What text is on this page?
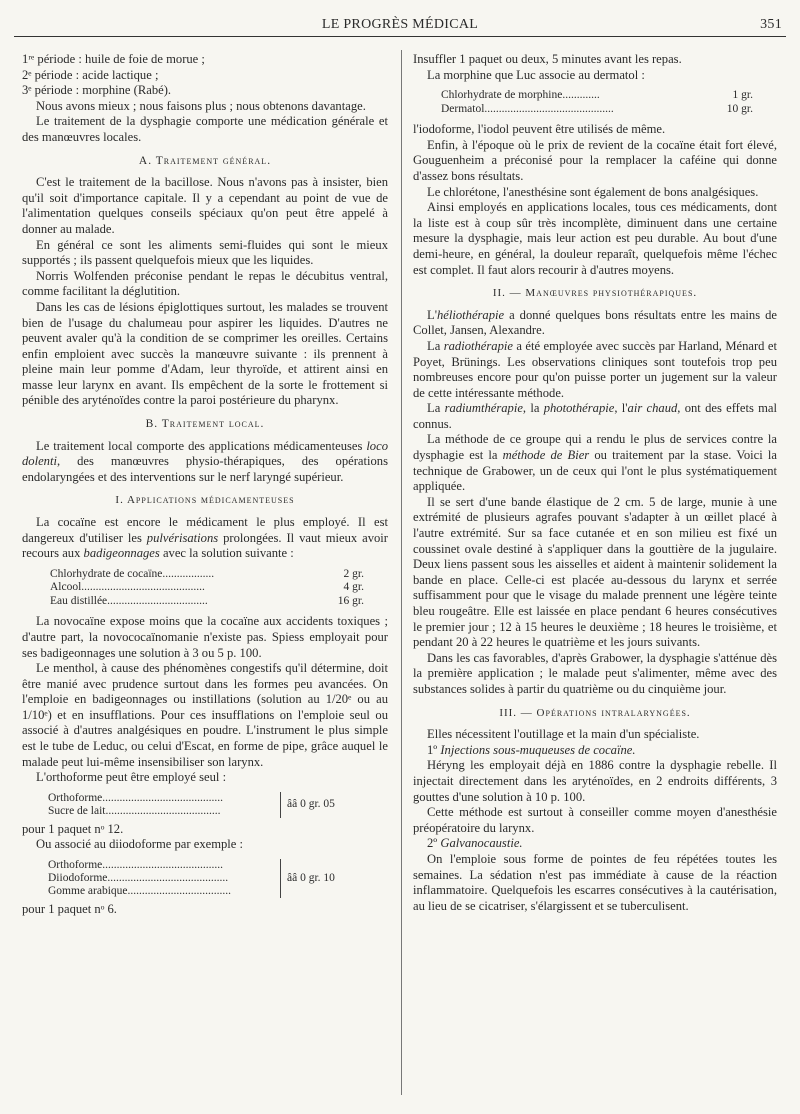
LE PROGRÈS MÉDICAL	351

1ʳᵉ période : huile de foie de morue ;

2ᵉ période : acide lactique ;

3ᵉ période : morphine (Rabé).

Nous avons mieux ; nous faisons plus ; nous obtenons davantage.

Le traitement de la dysphagie comporte une médication générale et des manœuvres locales.

A. Traitement général.

C'est le traitement de la bacillose. Nous n'avons pas à insister, bien qu'il soit d'importance capitale. Il y a cependant au point de vue de l'alimentation quelques conseils spéciaux qu'on peut être appelé à donner au malade.

En général ce sont les aliments semi-fluides qui sont le mieux supportés ; ils passent quelquefois mieux que les liquides.

Norris Wolfenden préconise pendant le repas le décubitus ventral, comme facilitant la déglutition.

Dans les cas de lésions épiglottiques surtout, les malades se trouvent bien de l'usage du chalumeau pour aspirer les liquides. D'autres ne peuvent avaler qu'à la condition de se comprimer les oreilles. Certains enfin emploient avec succès la manœuvre suivante : ils prennent à pleine main leur pomme d'Adam, leur thyroïde, et attirent ainsi en masse leur larynx en avant. Ils empêchent de la sorte le frottement si pénible des aryténoïdes contre la paroi postérieure du pharynx.

B. Traitement local.

Le traitement local comporte des applications médicamenteuses loco dolenti, des manœuvres physio-thérapiques, des opérations endolaryngées et des interventions sur le nerf laryngé supérieur.

I. Applications médicamenteuses

La cocaïne est encore le médicament le plus employé. Il est dangereux d'utiliser les pulvérisations prolongées. Il vaut mieux avoir recours aux badigeonnages avec la solution suivante :

Chlorhydrate de cocaïne..................	2 gr.
Alcool...........................................	4 gr.
Eau distillée...................................	16 gr.

La novocaïne expose moins que la cocaïne aux accidents toxiques ; d'autre part, la novococaïnomanie n'existe pas. Spiess employait pour ses badigeonnages une solution à 3 ou 5 p. 100.

Le menthol, à cause des phénomènes congestifs qu'il détermine, doit être manié avec prudence surtout dans les formes peu avancées. On l'emploie en badigeonnages ou instillations (solution au 1/20ᵉ ou au 1/10ᵉ) et en insufflations. Pour ces insufflations on l'emploie seul ou associé à d'autres analgésiques en poudre. L'instrument le plus simple est le tube de Leduc, ou celui d'Escat, en forme de pipe, grâce auquel le malade peut lui-même insensibiliser son larynx.

L'orthoforme peut être employé seul :

Orthoforme..........................................
Sucre de lait........................................
ââ 0 gr. 05

pour 1 paquet nᵒ 12.

Ou associé au diiodoforme par exemple :

Orthoforme..........................................
Diiodoforme..........................................
Gomme arabique....................................
ââ 0 gr. 10

pour 1 paquet nᵒ 6.

Insuffler 1 paquet ou deux, 5 minutes avant les repas.

La morphine que Luc associe au dermatol :

Chlorhydrate de morphine.............	1 gr.
Dermatol.............................................	10 gr.

l'iodoforme, l'iodol peuvent être utilisés de même.

Enfin, à l'époque où le prix de revient de la cocaïne était fort élevé, Gouguenheim a préconisé pour la remplacer la caféine qui donne d'assez bons résultats.

Le chlorétone, l'anesthésine sont également de bons analgésiques.

Ainsi employés en applications locales, tous ces médicaments, dont la liste est à coup sûr très incomplète, diminuent dans une certaine mesure la dysphagie, mais leur action est peu durable. Au bout d'une demi-heure, en général, la douleur reparaît, quelquefois même l'échec est complet. Il faut alors recourir à d'autres moyens.

II. — Manœuvres physiothérapiques.

L'héliothérapie a donné quelques bons résultats entre les mains de Collet, Jansen, Alexandre.

La radiothérapie a été employée avec succès par Harland, Ménard et Poyet, Brünings. Les observations cliniques sont toutefois trop peu nombreuses encore pour qu'on puisse porter un jugement sur la valeur de cette intéressante méthode.

La radiumthérapie, la photothérapie, l'air chaud, ont des effets mal connus.

La méthode de ce groupe qui a rendu le plus de services contre la dysphagie est la méthode de Bier ou traitement par la stase. Voici la technique de Grabower, un de ceux qui l'ont le plus systématiquement appliquée.

Il se sert d'une bande élastique de 2 cm. 5 de large, munie à une extrémité de plusieurs agrafes pouvant s'adapter à un œillet placé à l'autre extrémité. Sur sa face cutanée et en son milieu est fixé un coussinet ovale destiné à s'appliquer dans la gouttière de la jugulaire. Deux liens passent sous les aisselles et aident à maintenir solidement la bande en place. Celle-ci est placée au-dessous du larynx et serrée suffisamment pour que le visage du malade prennent une légère teinte bleu rougeâtre. Elle est laissée en place pendant 6 heures consécutives le premier jour ; 12 à 15 heures le deuxième ; 18 heures le troisième, et pendant 20 à 22 heures le quatrième et les jours suivants.

Dans les cas favorables, d'après Grabower, la dysphagie s'atténue dès la première application ; le malade peut s'alimenter, même avec des substances solides à partir du quatrième ou du cinquième jour.

III. — Opérations intralaryngées.

Elles nécessitent l'outillage et la main d'un spécialiste.

1º Injections sous-muqueuses de cocaïne.

Héryng les employait déjà en 1886 contre la dysphagie rebelle. Il injectait directement dans les aryténoïdes, en 2 endroits différents, 3 gouttes d'une solution à 10 p. 100.

Cette méthode est surtout à conseiller comme moyen d'anesthésie préopératoire du larynx.

2º Galvanocaustie.

On l'emploie sous forme de pointes de feu répétées toutes les semaines. La sédation n'est pas immédiate à cause de la réaction inflammatoire. Quelquefois les escarres consécutives à la cautérisation, au lieu de se cicatriser, s'élargissent et se tuberculisent.
